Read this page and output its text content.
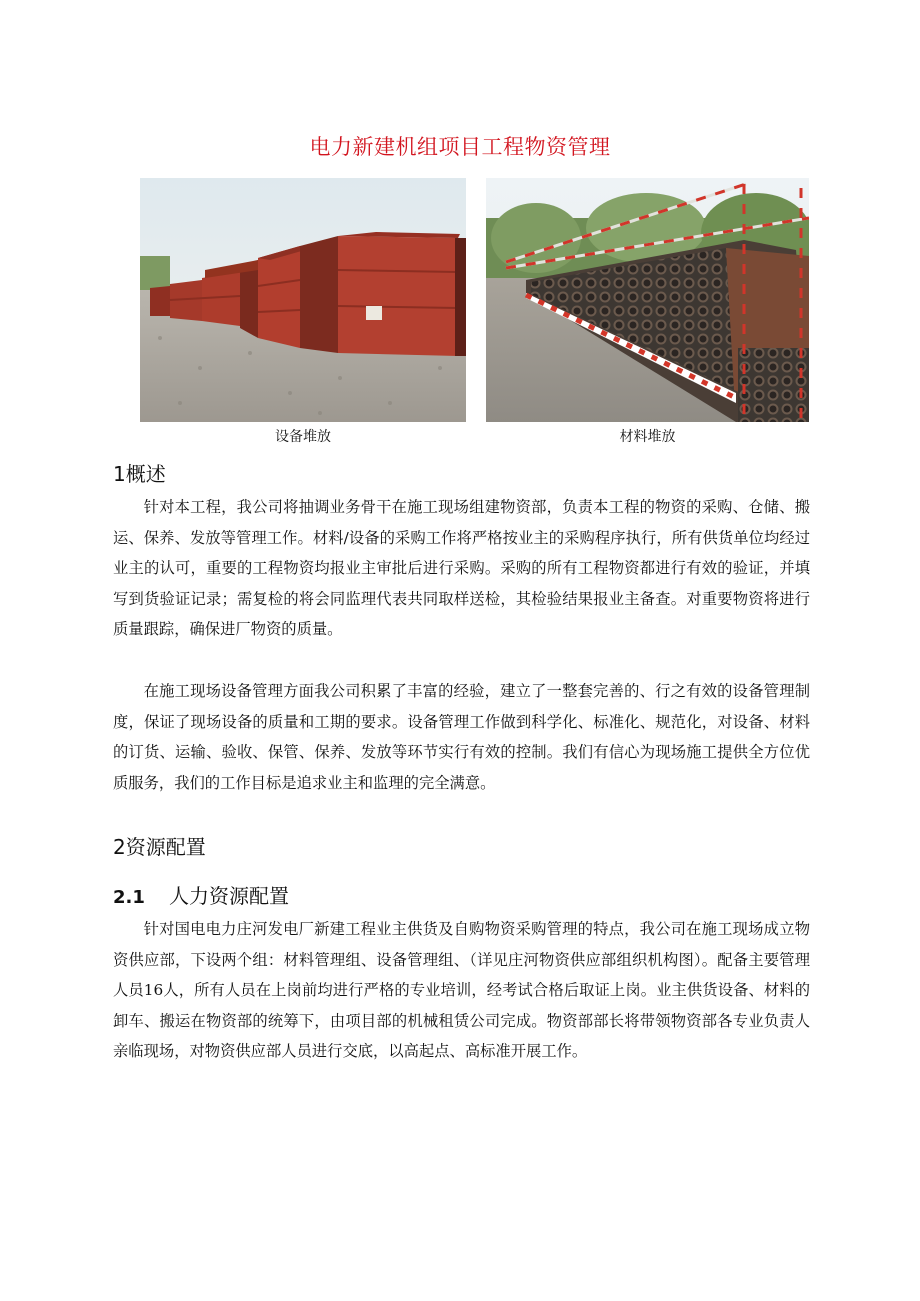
电力新建机组项目工程物资管理
设备堆放	材料堆放
1概述

针对本工程，我公司将抽调业务骨干在施工现场组建物资部，负责本工程的物资的采购、仓储、搬运、保养、发放等管理工作。材料/设备的采购工作将严格按业主的采购程序执行，所有供货单位均经过业主的认可，重要的工程物资均报业主审批后进行采购。采购的所有工程物资都进行有效的验证，并填写到货验证记录；需复检的将会同监理代表共同取样送检，其检验结果报业主备查。对重要物资将进行质量跟踪，确保进厂物资的质量。

在施工现场设备管理方面我公司积累了丰富的经验，建立了一整套完善的、行之有效的设备管理制度，保证了现场设备的质量和工期的要求。设备管理工作做到科学化、标准化、规范化，对设备、材料的订货、运输、验收、保管、保养、发放等环节实行有效的控制。我们有信心为现场施工提供全方位优质服务，我们的工作目标是追求业主和监理的完全满意。

2资源配置
2.1 人力资源配置

针对国电电力庄河发电厂新建工程业主供货及自购物资采购管理的特点，我公司在施工现场成立物资供应部，下设两个组：材料管理组、设备管理组、（详见庄河物资供应部组织机构图）。配备主要管理人员16人，所有人员在上岗前均进行严格的专业培训，经考试合格后取证上岗。业主供货设备、材料的卸车、搬运在物资部的统筹下，由项目部的机械租赁公司完成。物资部部长将带领物资部各专业负责人亲临现场，对物资供应部人员进行交底，以高起点、高标准开展工作。
